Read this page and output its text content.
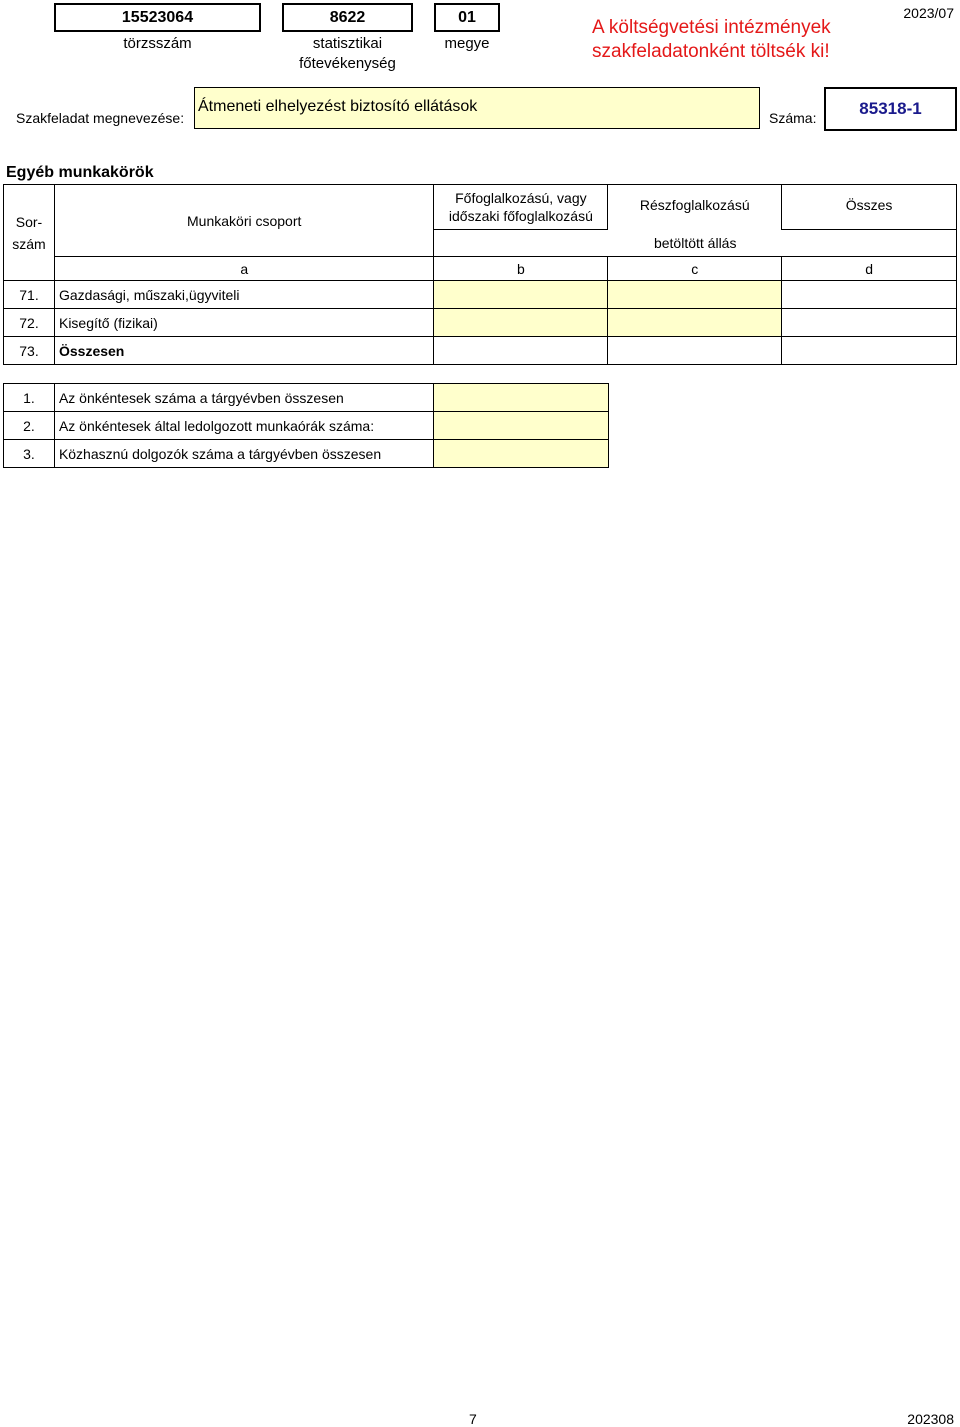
15523064
törzsszám
8622
statisztikai főtevékenység
01
megye
A költségvetési intézmények szakfeladatonként töltsék ki!
2023/07
Szakfeladat megnevezése:
Átmeneti elhelyezést biztosító ellátások
Száma:	85318-1
Egyéb munkakörök
Sor-szám	Munkaköri csoport	Főfoglalkozású, vagy időszaki főfoglalkozású	Részfoglalkozású	Összes
		betöltött állás		
	a	b	c	d
71.	Gazdasági, műszaki,ügyviteli			
72.	Kisegítő (fizikai)			
73.	Összesen			
1.	Az önkéntesek száma a tárgyévben összesen	
2.	Az önkéntesek által ledolgozott munkaórák száma:	
3.	Közhasznú dolgozók száma a tárgyévben összesen	
7	202308
